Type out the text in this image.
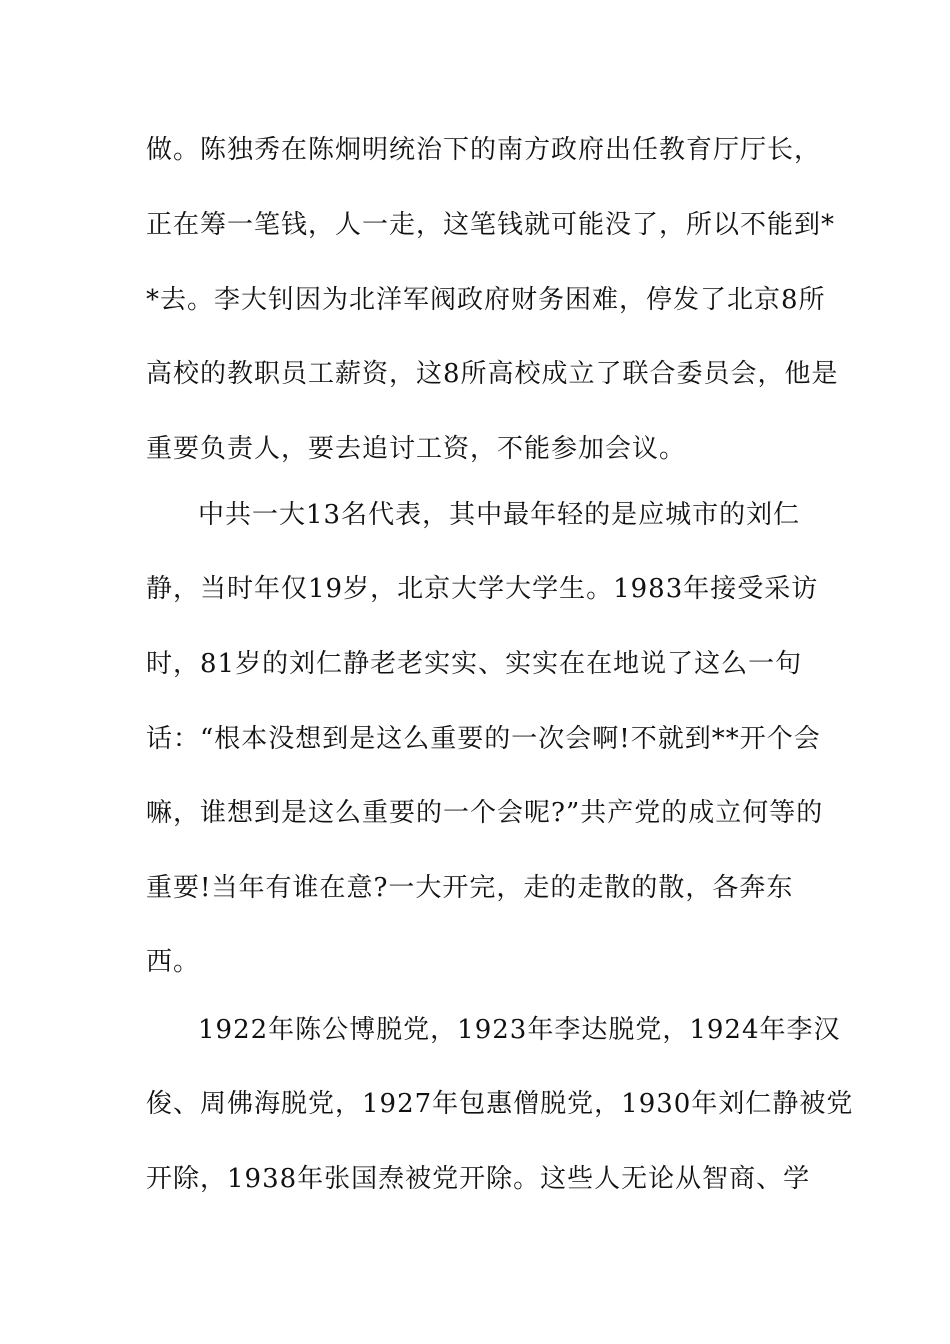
做。陈独秀在陈炯明统治下的南方政府出任教育厅厅长，
正在筹一笔钱，人一走，这笔钱就可能没了，所以不能到*
*去。李大钊因为北洋军阀政府财务困难，停发了北京8所
高校的教职员工薪资，这8所高校成立了联合委员会，他是
重要负责人，要去追讨工资，不能参加会议。
中共一大13名代表，其中最年轻的是应城市的刘仁
静，当时年仅19岁，北京大学大学生。1983年接受采访
时，81岁的刘仁静老老实实、实实在在地说了这么一句
话：“根本没想到是这么重要的一次会啊!不就到**开个会
嘛，谁想到是这么重要的一个会呢?”共产党的成立何等的
重要!当年有谁在意?一大开完，走的走散的散，各奔东
西。
1922年陈公博脱党，1923年李达脱党，1924年李汉
俊、周佛海脱党，1927年包惠僧脱党，1930年刘仁静被党
开除，1938年张国焘被党开除。这些人无论从智商、学
